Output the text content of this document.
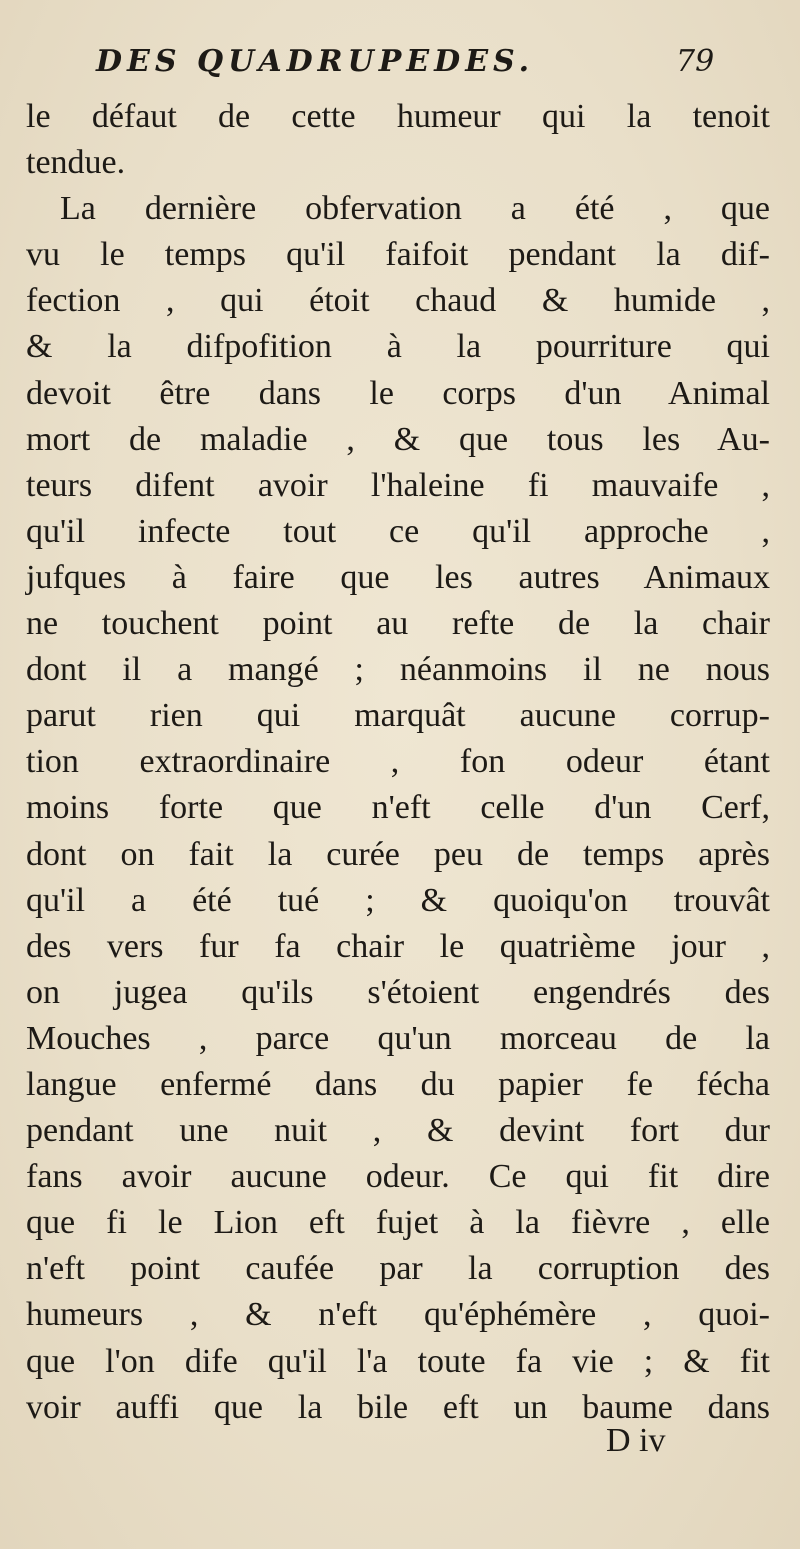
DES QUADRUPEDES.	79
le défaut de cette humeur qui la tenoit
tendue.
La dernière obfervation a été , que
vu le temps qu'il faifoit pendant la dif-
fection , qui étoit chaud & humide ,
& la difpofition à la pourriture qui
devoit être dans le corps d'un Animal
mort de maladie , & que tous les Au-
teurs difent avoir l'haleine fi mauvaife ,
qu'il infecte tout ce qu'il approche ,
jufques à faire que les autres Animaux
ne touchent point au refte de la chair
dont il a mangé ; néanmoins il ne nous
parut rien qui marquât aucune corrup-
tion extraordinaire , fon odeur étant
moins forte que n'eft celle d'un Cerf,
dont on fait la curée peu de temps après
qu'il a été tué ; & quoiqu'on trouvât
des vers fur fa chair le quatrième jour ,
on jugea qu'ils s'étoient engendrés des
Mouches , parce qu'un morceau de la
langue enfermé dans du papier fe fécha
pendant une nuit , & devint fort dur
fans avoir aucune odeur. Ce qui fit dire
que fi le Lion eft fujet à la fièvre , elle
n'eft point caufée par la corruption des
humeurs , & n'eft qu'éphémère , quoi-
que l'on dife qu'il l'a toute fa vie ; & fit
voir auffi que la bile eft un baume dans
D iv
